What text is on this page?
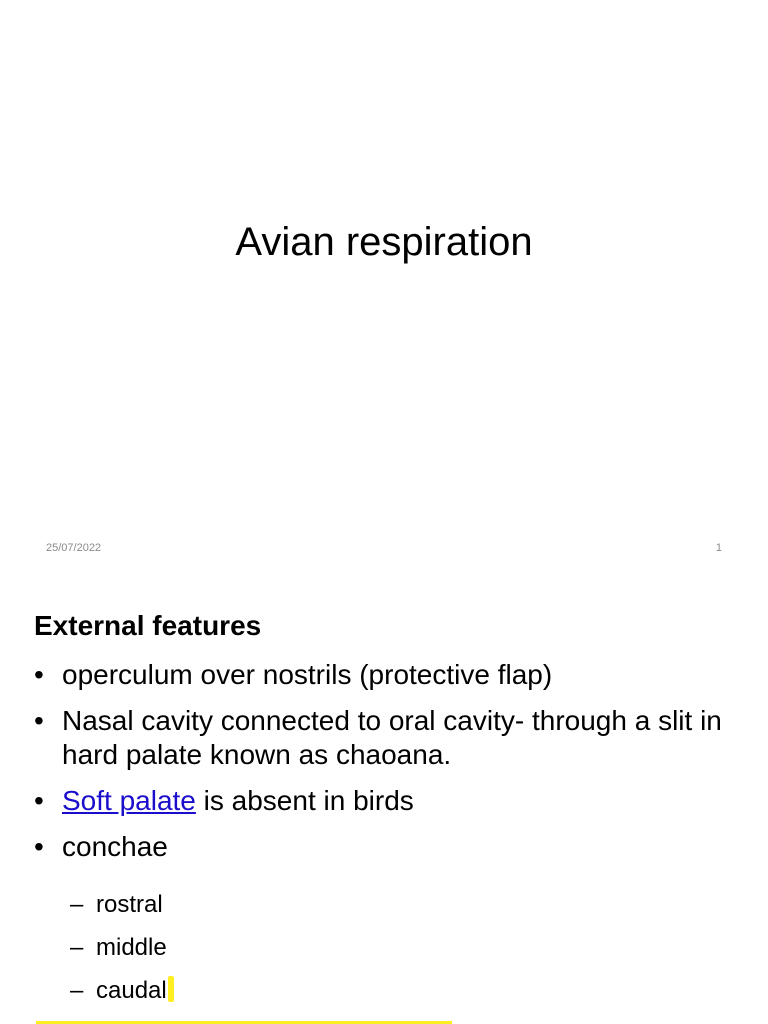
Avian respiration
25/07/2022	1
External features
• operculum over nostrils (protective flap)
• Nasal cavity connected to oral cavity- through a slit in hard palate known as chaoana.
• Soft palate is absent in birds
• conchae
– rostral
– middle
– caudal
